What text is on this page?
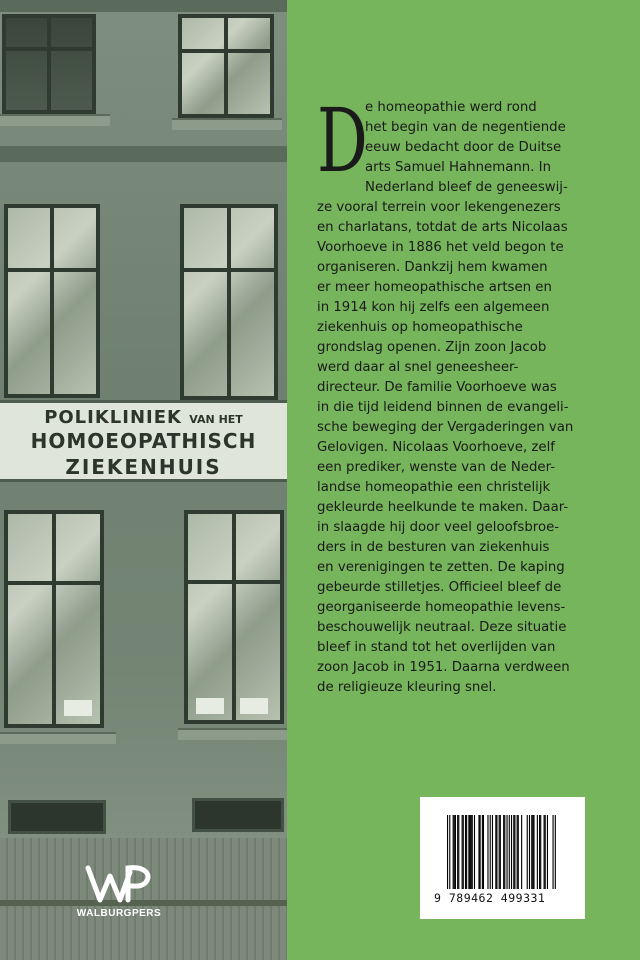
POLIKLINIEK VAN HET
HOMOEOPATHISCH
ZIEKENHUIS
WALBURGPERS
D

e homeopathie werd rond
het begin van de negentiende
eeuw bedacht door de Duitse
arts Samuel Hahnemann. In
Nederland bleef de geneeswij-
ze vooral terrein voor lekengenezers
en charlatans, totdat de arts Nicolaas
Voorhoeve in 1886 het veld begon te
organiseren. Dankzij hem kwamen
er meer homeopathische artsen en
in 1914 kon hij zelfs een algemeen
ziekenhuis op homeopathische
grondslag openen. Zijn zoon Jacob
werd daar al snel geneesheer-
directeur. De familie Voorhoeve was
in die tijd leidend binnen de evangeli-
sche beweging der Vergaderingen van
Gelovigen. Nicolaas Voorhoeve, zelf
een prediker, wenste van de Neder-
landse homeopathie een christelijk
gekleurde heelkunde te maken. Daar-
in slaagde hij door veel geloofsbroe-
ders in de besturen van ziekenhuis
en verenigingen te zetten. De kaping
gebeurde stilletjes. Officieel bleef de
georganiseerde homeopathie levens-
beschouwelijk neutraal. Deze situatie
bleef in stand tot het overlijden van
zoon Jacob in 1951. Daarna verdween
de religieuze kleuring snel.

9 789462 499331
